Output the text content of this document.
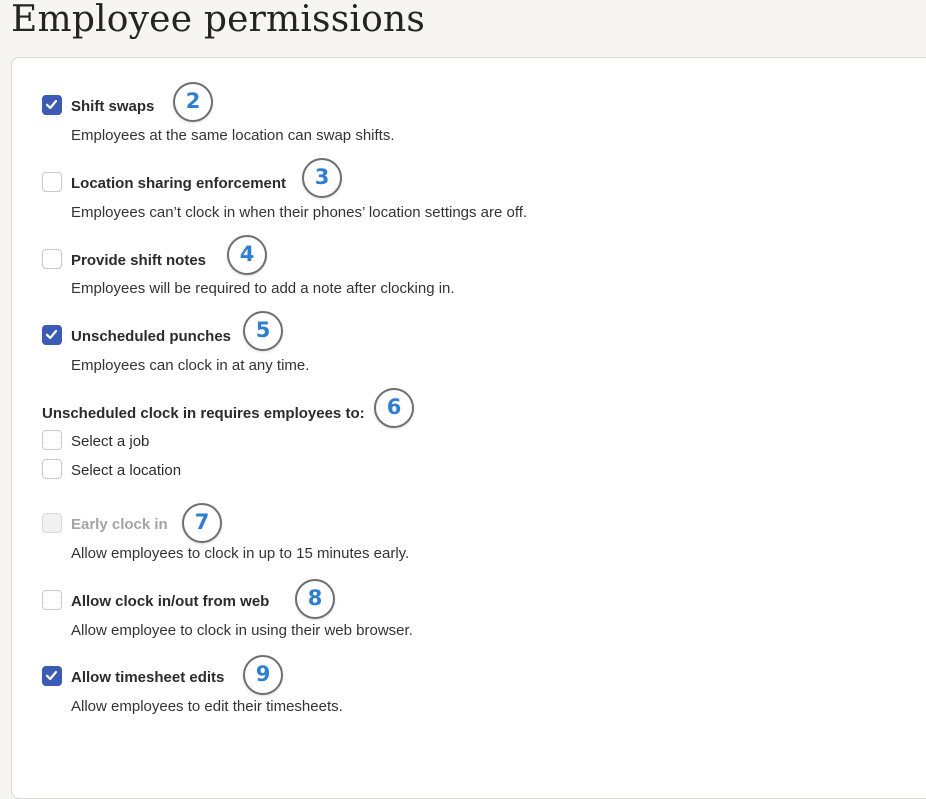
Employee permissions
Shift swaps
Employees at the same location can swap shifts.
2
Location sharing enforcement
Employees can’t clock in when their phones’ location settings are off.
3
Provide shift notes
Employees will be required to add a note after clocking in.
4
Unscheduled punches
Employees can clock in at any time.
5
Unscheduled clock in requires employees to:	6
Select a job
Select a location
Early clock in
Allow employees to clock in up to 15 minutes early.
7
Allow clock in/out from web
Allow employee to clock in using their web browser.
8
Allow timesheet edits
Allow employees to edit their timesheets.
9
